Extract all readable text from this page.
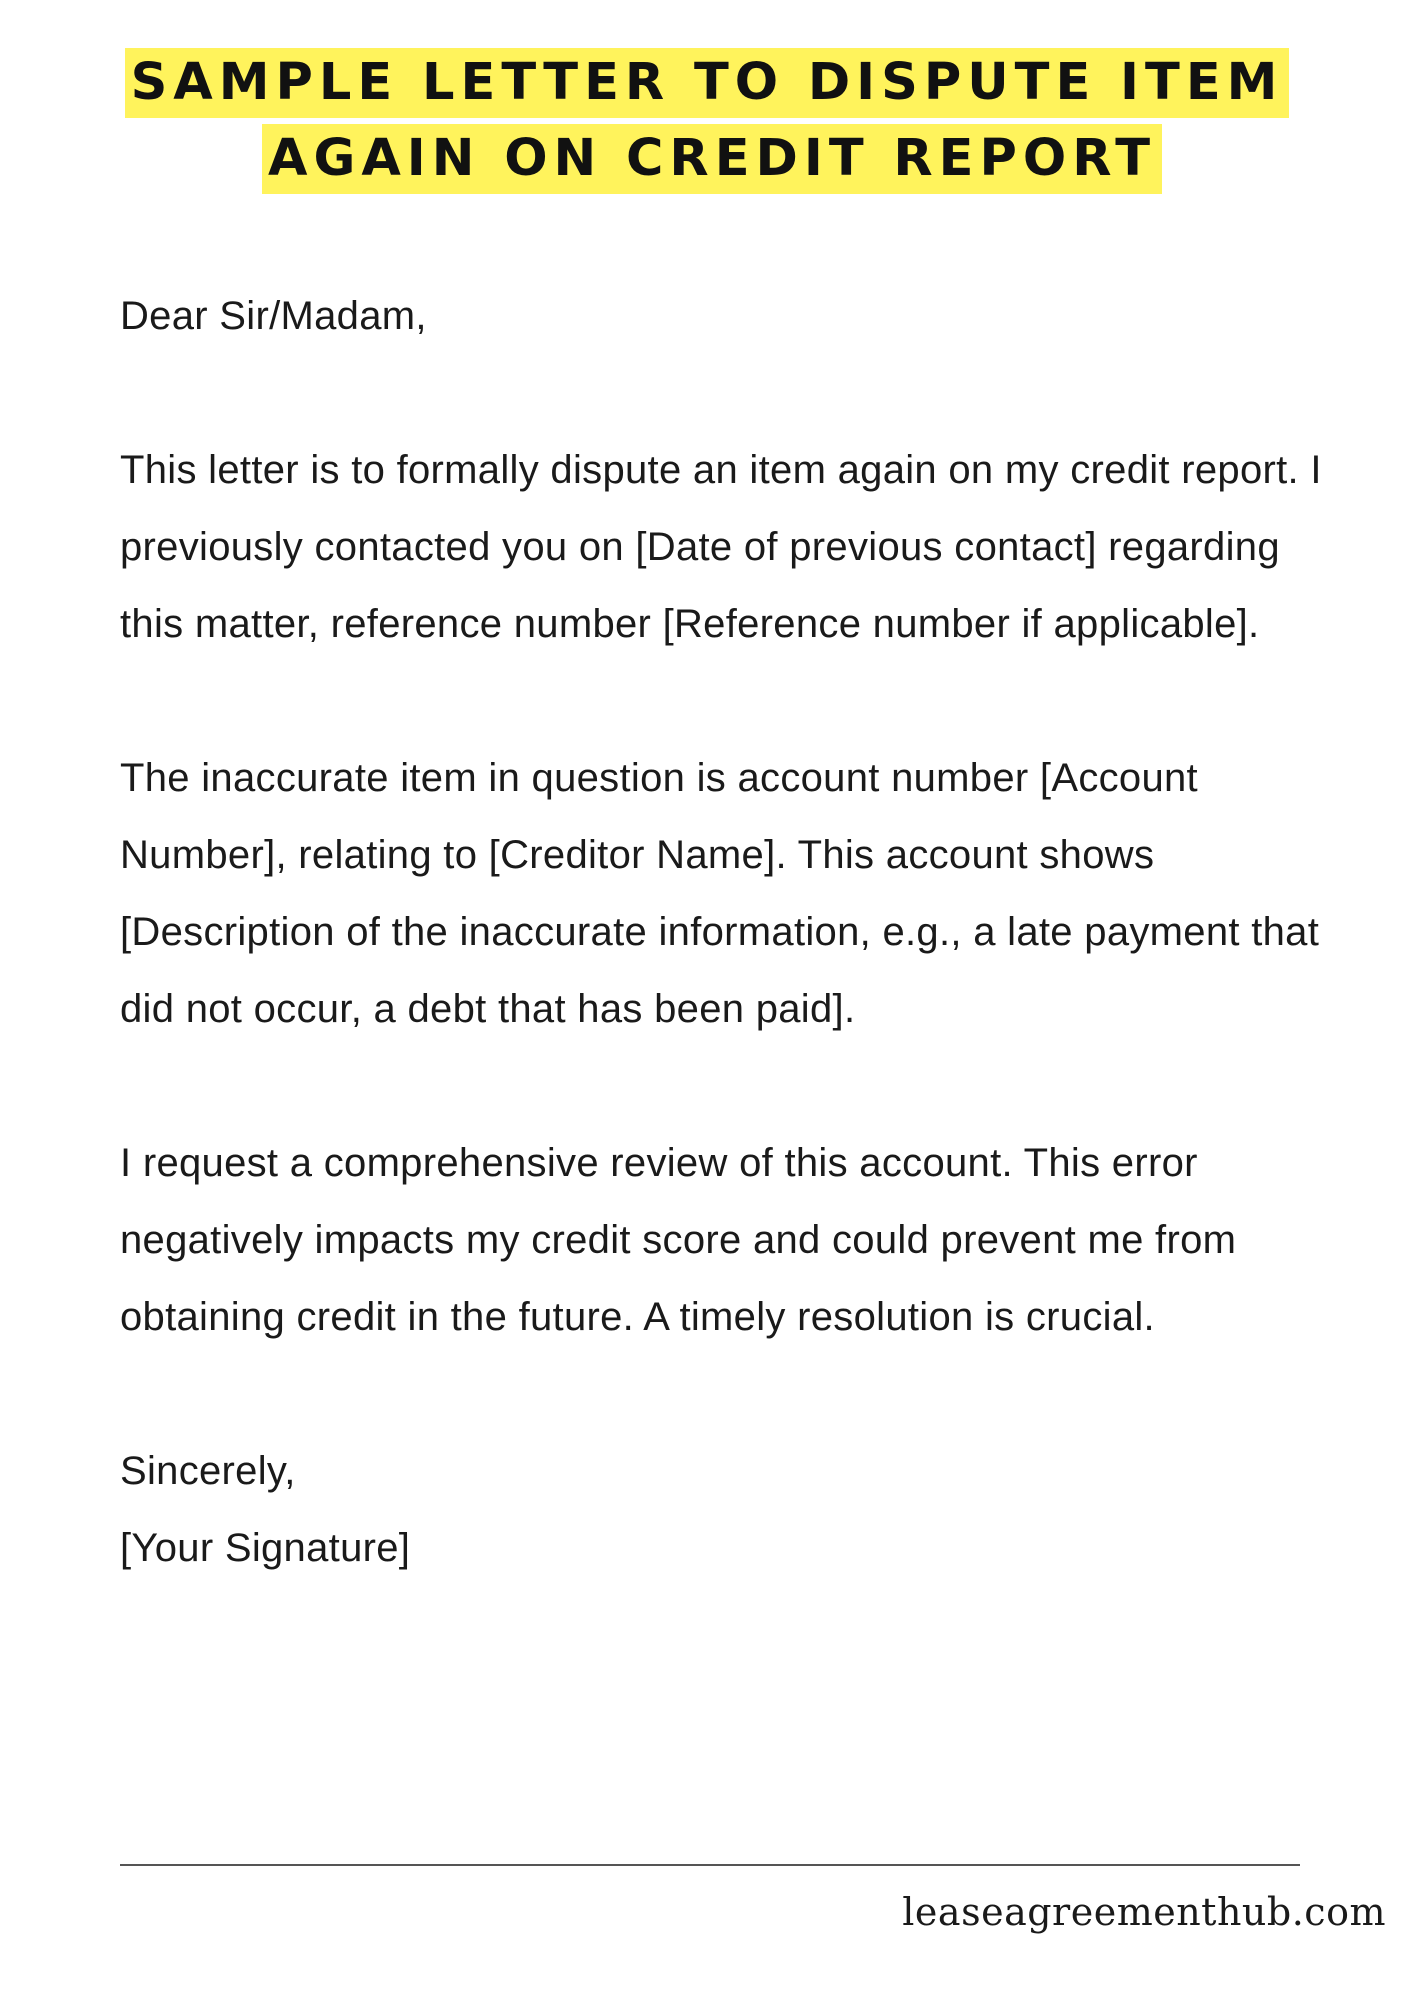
SAMPLE LETTER TO DISPUTE ITEM
AGAIN ON CREDIT REPORT

Dear Sir/Madam,

This letter is to formally dispute an item again on my credit report. I previously contacted you on [Date of previous contact] regarding this matter, reference number [Reference number if applicable].

The inaccurate item in question is account number [Account Number], relating to [Creditor Name]. This account shows [Description of the inaccurate information, e.g., a late payment that did not occur, a debt that has been paid].

I request a comprehensive review of this account. This error negatively impacts my credit score and could prevent me from obtaining credit in the future. A timely resolution is crucial.

Sincerely,

[Your Signature]

leaseagreementhub.com
